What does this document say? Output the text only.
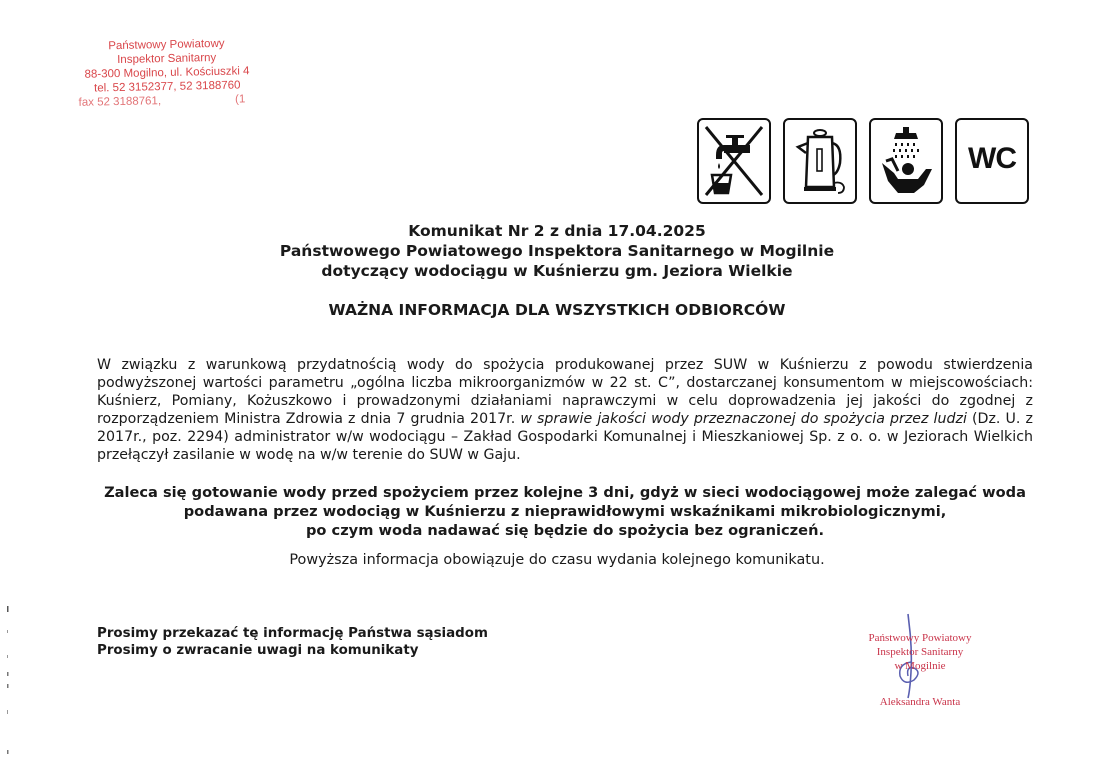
Państwowy Powiatowy
Inspektor Sanitarny
88-300 Mogilno, ul. Kościuszki 4
tel. 52 3152377, 52 3188760
fax 52 3188761,	(1
WC
Komunikat Nr 2 z dnia 17.04.2025
Państwowego Powiatowego Inspektora Sanitarnego w Mogilnie
dotyczący wodociągu w Kuśnierzu gm. Jeziora Wielkie
WAŻNA INFORMACJA DLA WSZYSTKICH ODBIORCÓW
W związku z warunkową przydatnością wody do spożycia produkowanej przez SUW w Kuśnierzu z powodu stwierdzenia podwyższonej wartości parametru „ogólna liczba mikroorganizmów w 22 st. C”, dostarczanej konsumentom w miejscowościach: Kuśnierz, Pomiany, Kożuszkowo i prowadzonymi działaniami naprawczymi w celu doprowadzenia jej jakości do zgodnej z rozporządzeniem Ministra Zdrowia z dnia 7 grudnia 2017r. w sprawie jakości wody przeznaczonej do spożycia przez ludzi (Dz. U. z 2017r., poz. 2294) administrator w/w wodociągu – Zakład Gospodarki Komunalnej i Mieszkaniowej Sp. z o. o. w Jeziorach Wielkich przełączył zasilanie w wodę na w/w terenie do SUW w Gaju.
Zaleca się gotowanie wody przed spożyciem przez kolejne 3 dni, gdyż w sieci wodociągowej może zalegać woda
podawana przez wodociąg w Kuśnierzu z nieprawidłowymi wskaźnikami mikrobiologicznymi,
po czym woda nadawać się będzie do spożycia bez ograniczeń.
Powyższa informacja obowiązuje do czasu wydania kolejnego komunikatu.
Prosimy przekazać tę informację Państwa sąsiadom
Prosimy o zwracanie uwagi na komunikaty
Państwowy Powiatowy
Inspektor Sanitarny
w Mogilnie
Aleksandra Wanta
